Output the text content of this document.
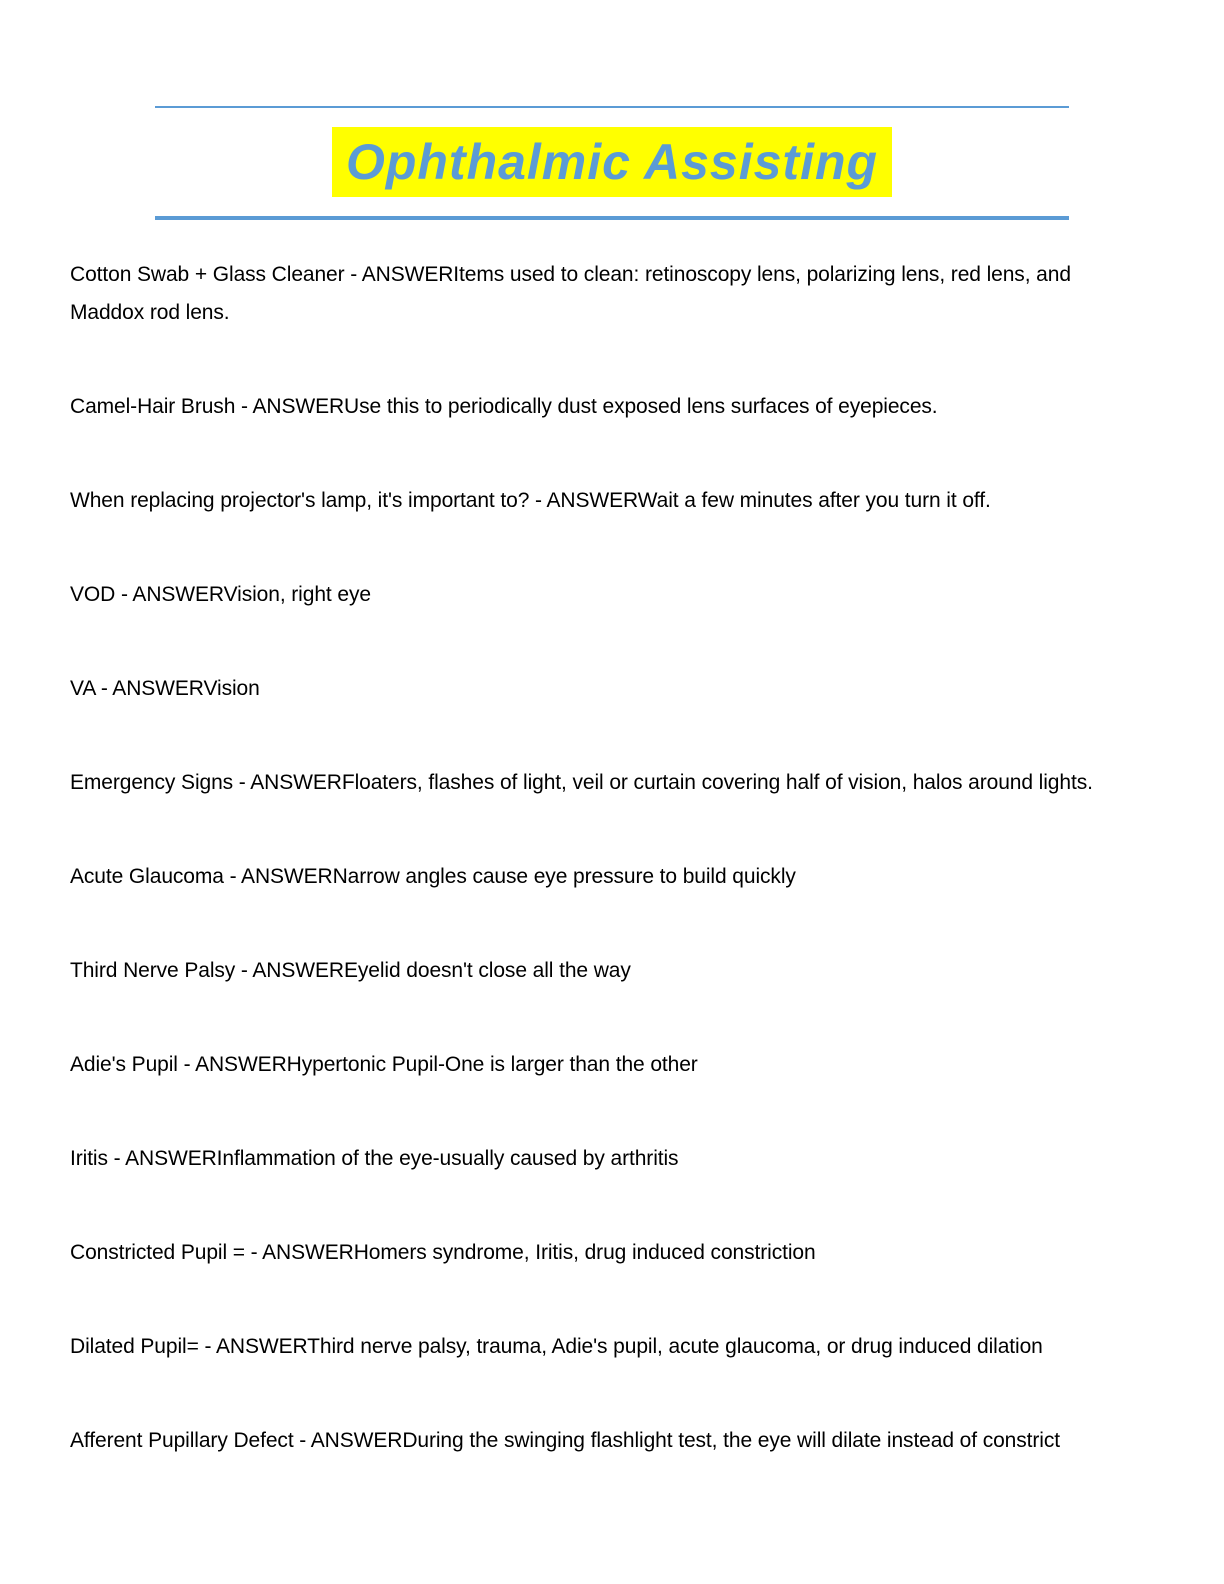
Ophthalmic Assisting

Cotton Swab + Glass Cleaner - ANSWERItems used to clean: retinoscopy lens, polarizing lens, red lens, and Maddox rod lens.

Camel-Hair Brush - ANSWERUse this to periodically dust exposed lens surfaces of eyepieces.

When replacing projector's lamp, it's important to? - ANSWERWait a few minutes after you turn it off.

VOD - ANSWERVision, right eye

VA - ANSWERVision

Emergency Signs - ANSWERFloaters, flashes of light, veil or curtain covering half of vision, halos around lights.

Acute Glaucoma - ANSWERNarrow angles cause eye pressure to build quickly

Third Nerve Palsy - ANSWEREyelid doesn't close all the way

Adie's Pupil - ANSWERHypertonic Pupil-One is larger than the other

Iritis - ANSWERInflammation of the eye-usually caused by arthritis

Constricted Pupil = - ANSWERHomers syndrome, Iritis, drug induced constriction

Dilated Pupil= - ANSWERThird nerve palsy, trauma, Adie's pupil, acute glaucoma, or drug induced dilation

Afferent Pupillary Defect - ANSWERDuring the swinging flashlight test, the eye will dilate instead of constrict
